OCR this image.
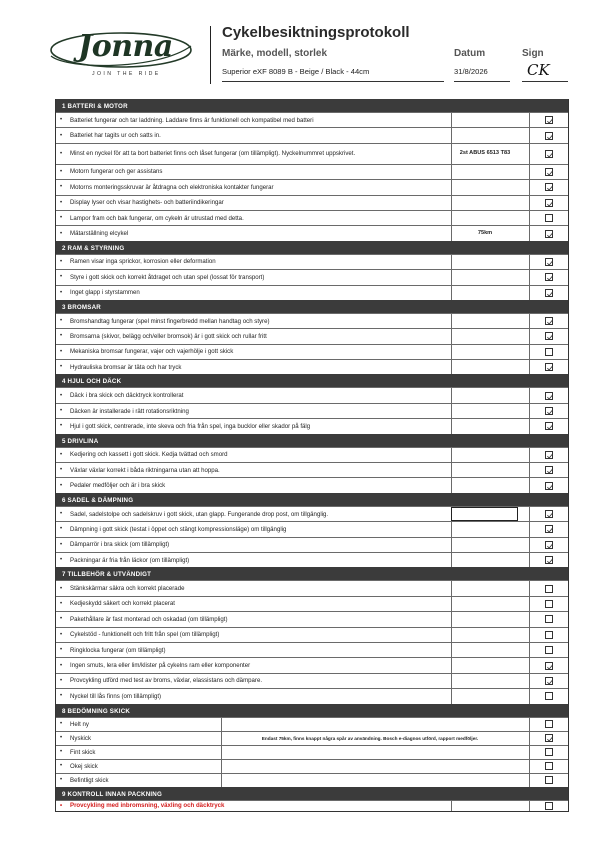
Jonna
JOIN THE RIDE
Cykelbesiktningsprotokoll
Märke, modell, storlek	Datum	Sign
Superior eXF 8089 B - Beige / Black - 44cm	31/8/2026	CK
1 BATTERI & MOTOR
•	Batteriet fungerar och tar laddning. Laddare finns är funktionell och kompatibel med batteri
•	Batteriet har tagits ur och satts in.
•	Minst en nyckel för att ta bort batteriet finns och låset fungerar (om tillämpligt). Nyckelnummret uppskrivet.	2st ABUS 6513 T83
•	Motorn fungerar och ger assistans
•	Motorns monteringsskruvar är åtdragna och elektroniska kontakter fungerar
•	Display lyser och visar hastighets- och batteriindikeringar
•	Lampor fram och bak fungerar, om cykeln är utrustad med detta.
•	Mätarställning elcykel	75km
2 RAM & STYRNING
•	Ramen visar inga sprickor, korrosion eller deformation
•	Styre i gott skick och korrekt åtdraget och utan spel (lossat för transport)
•	Inget glapp i styrstammen
3 BROMSAR
•	Bromshandtag fungerar (spel minst fingerbredd mellan handtag och styre)
•	Bromsarna (skivor, belägg och/eller bromsok) är i gott skick och rullar fritt
•	Mekaniska bromsar fungerar, vajer och vajerhölje i gott skick
•	Hydrauliska bromsar är täta och har tryck
4 HJUL OCH DÄCK
•	Däck i bra skick och däcktryck kontrollerat
•	Däcken är installerade i rätt rotationsriktning
•	Hjul i gott skick, centrerade, inte skeva och fria från spel, inga bucklor eller skador på fälg
5 DRIVLINA
•	Kedjering och kassett i gott skick. Kedja tvättad och smord
•	Växlar växlar korrekt i båda riktningarna utan att hoppa.
•	Pedaler medföljer och är i bra skick
6 SADEL & DÄMPNING
•	Sadel, sadelstolpe och sadelskruv i gott skick, utan glapp. Fungerande drop post, om tillgänglig.
•	Dämpning i gott skick (testat i öppet och stängt kompressionsläge) om tillgänglig
•	Dämparrör i bra skick (om tillämpligt)
•	Packningar är fria från läckor (om tillämpligt)
7 TILLBEHÖR & UTVÄNDIGT
•	Stänkskärmar säkra och korrekt placerade
•	Kedjeskydd säkert och korrekt placerat
•	Pakethållare är fast monterad och oskadad (om tillämpligt)
•	Cykelstöd - funktionellt och fritt från spel (om tillämpligt)
•	Ringklocka fungerar (om tillämpligt)
•	Ingen smuts, lera eller lim/klister på cykelns ram eller komponenter
•	Provcykling utförd med test av broms, växlar, elassistans och dämpare.
•	Nyckel till lås finns (om tillämpligt)
8 BEDÖMNING SKICK
•	Helt ny
•	Nyskick	Endast 75km, finns knappt några spår av användning. Bosch e-diagnos utförd, rapport medföljer.
•	Fint skick
•	Okej skick
•	Befintligt skick
9 KONTROLL INNAN PACKNING
•	Provcykling med inbromsning, växling och däcktryck
